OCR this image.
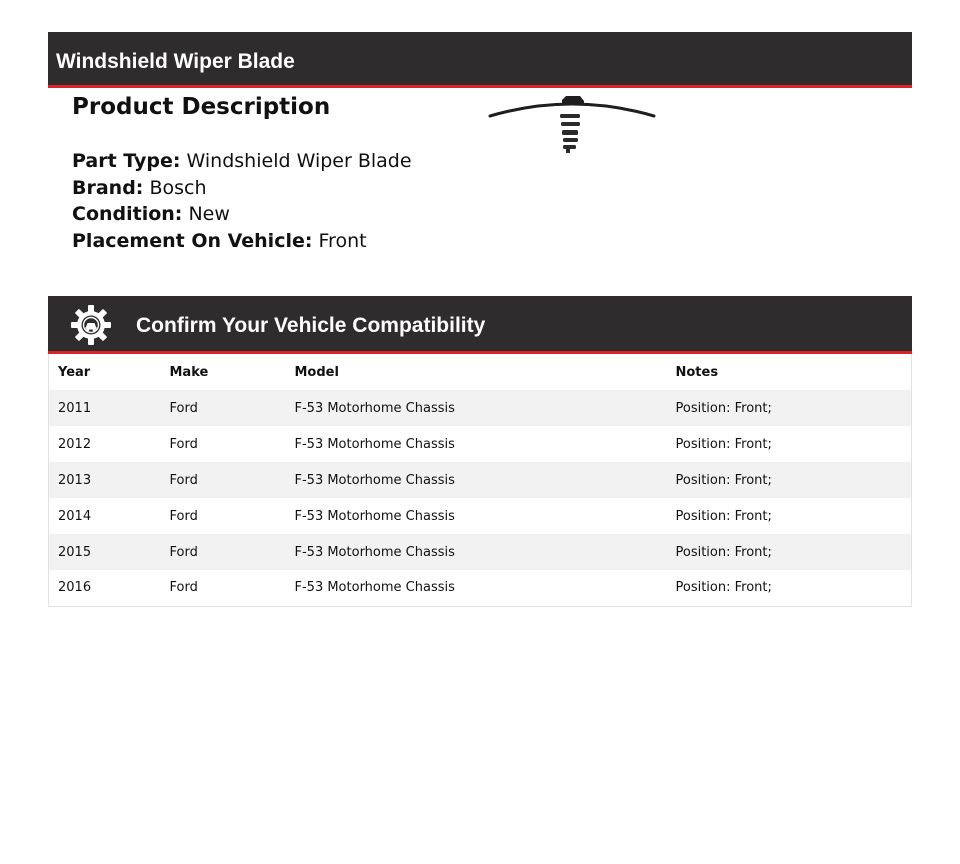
Windshield Wiper Blade
Product Description
Part Type: Windshield Wiper Blade
Brand: Bosch
Condition: New
Placement On Vehicle: Front
Confirm Your Vehicle Compatibility
Year	Make	Model	Notes
2011	Ford	F-53 Motorhome Chassis	Position: Front;
2012	Ford	F-53 Motorhome Chassis	Position: Front;
2013	Ford	F-53 Motorhome Chassis	Position: Front;
2014	Ford	F-53 Motorhome Chassis	Position: Front;
2015	Ford	F-53 Motorhome Chassis	Position: Front;
2016	Ford	F-53 Motorhome Chassis	Position: Front;
